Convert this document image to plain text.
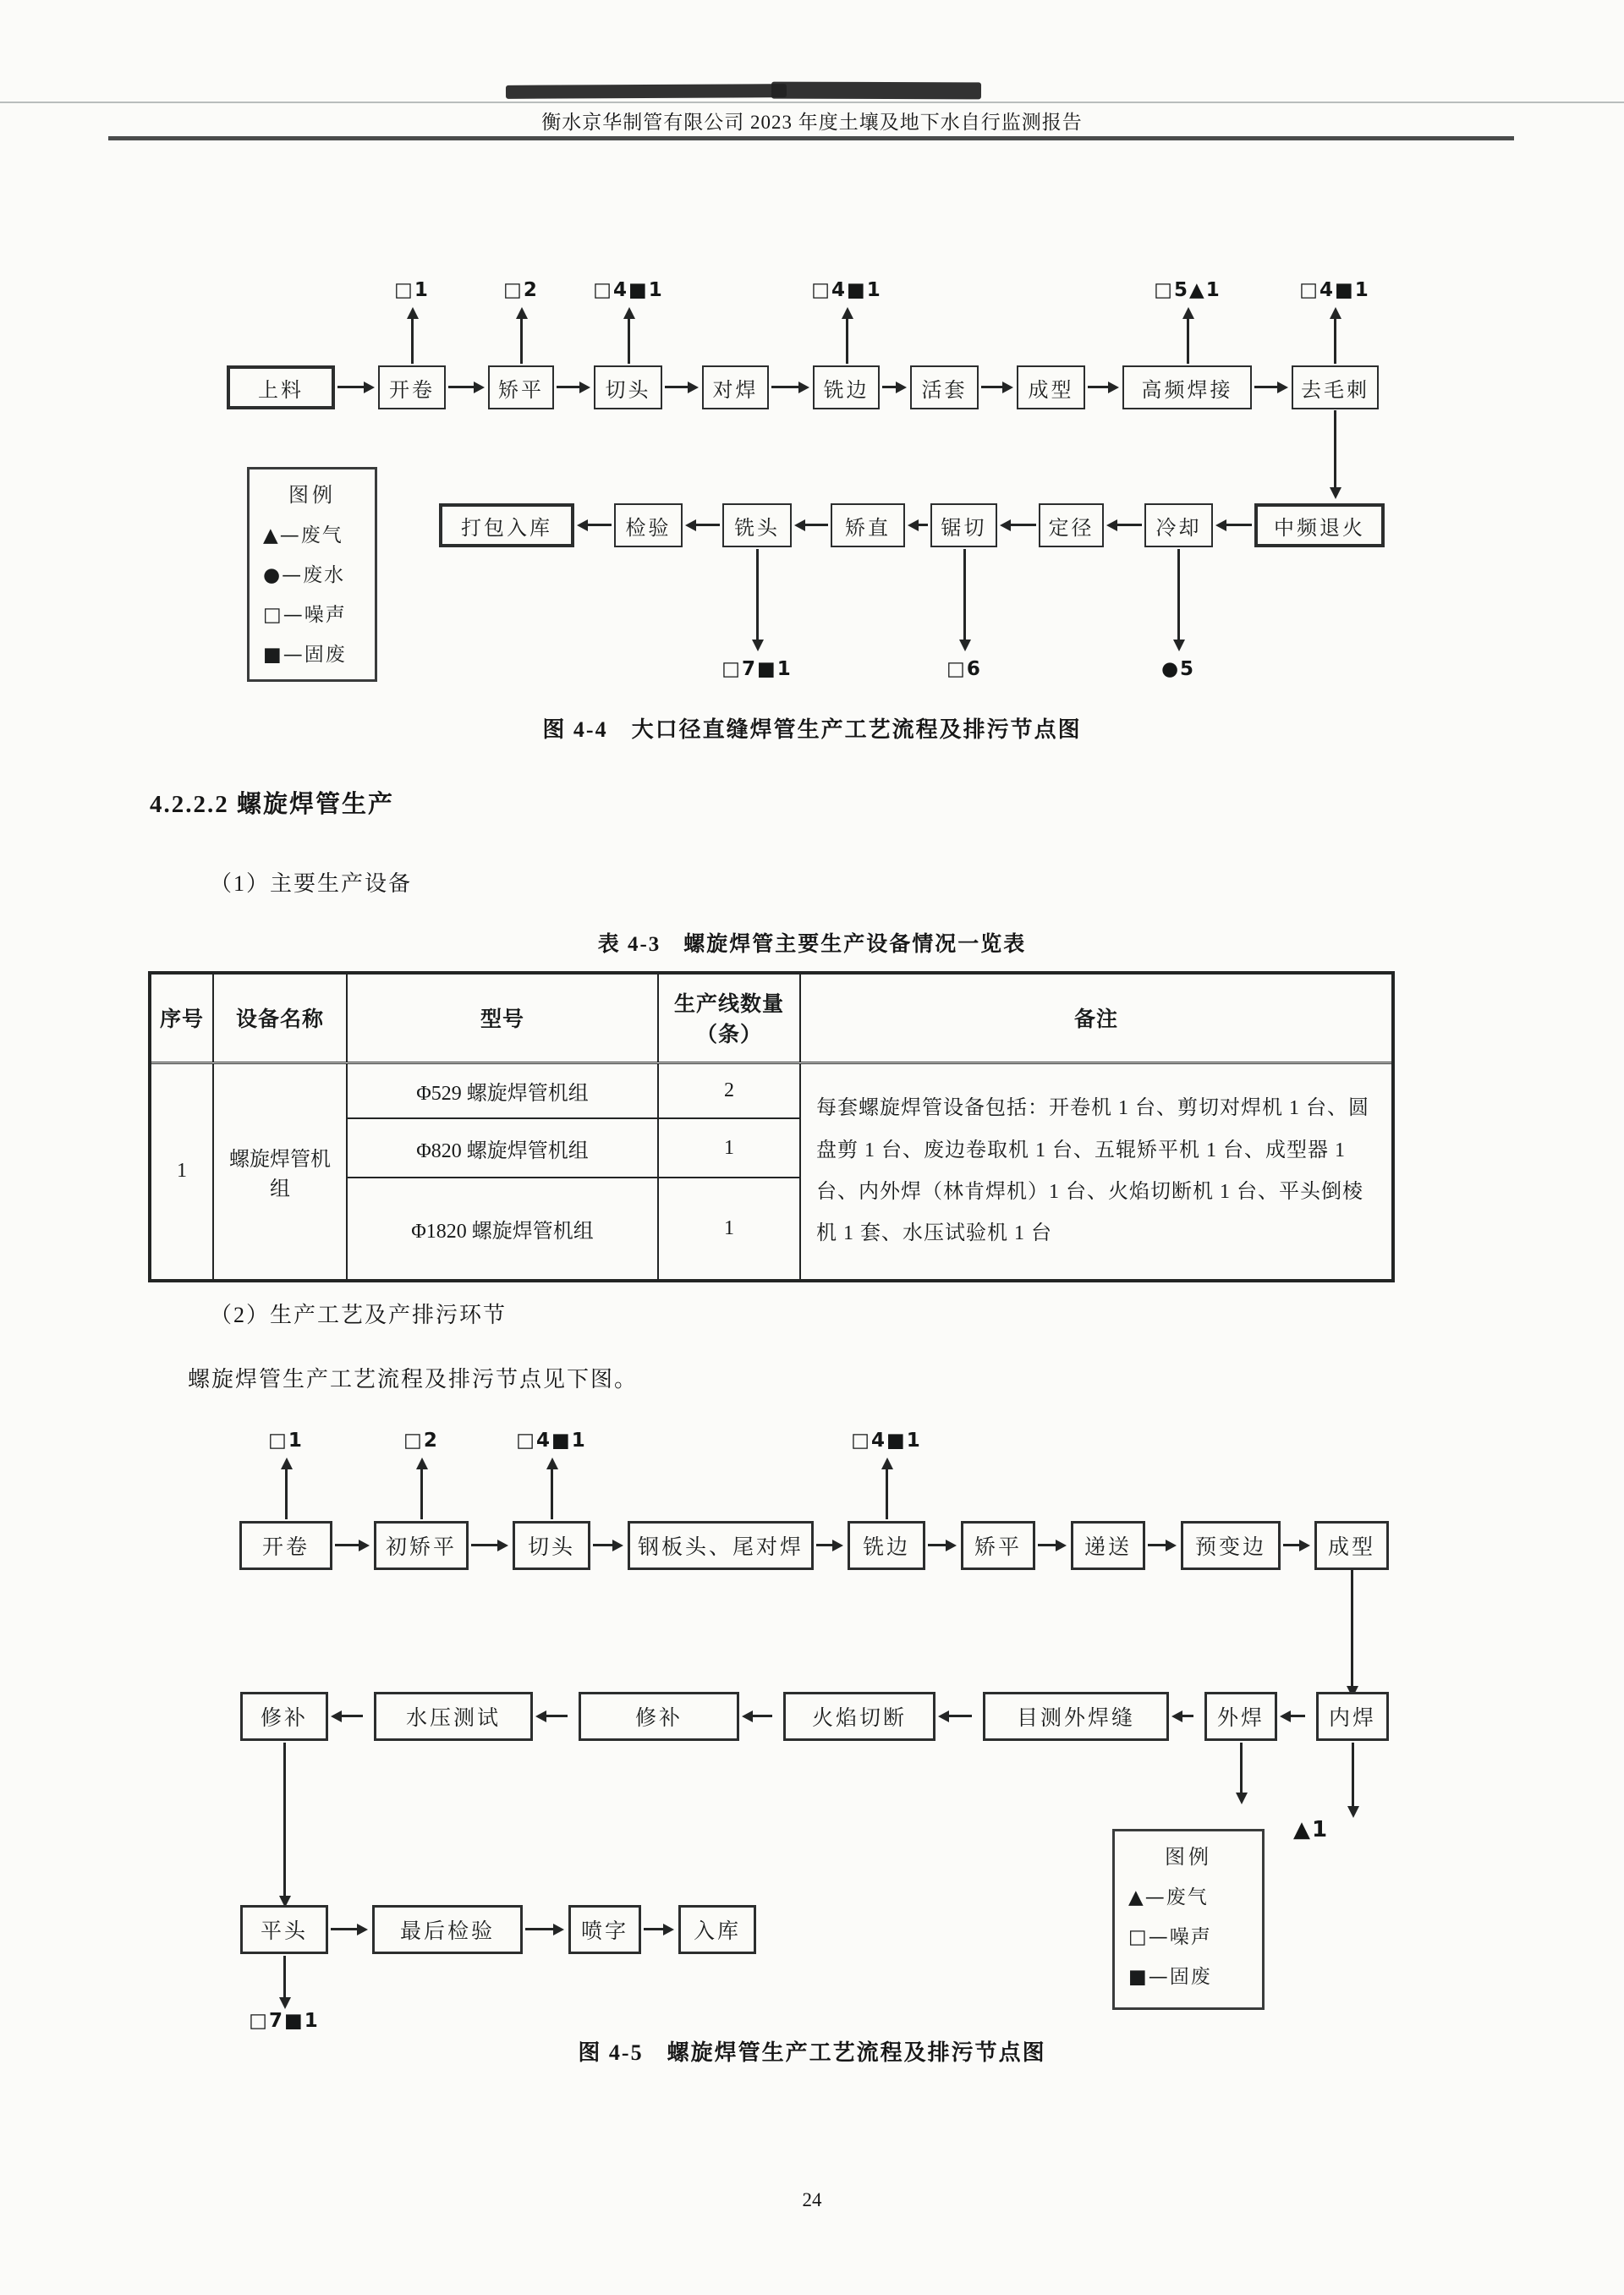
衡水京华制管有限公司 2023 年度土壤及地下水自行监测报告
□1	□2	□4■1	□4■1	□5▲1	□4■1
上料	开卷	矫平	切头	对焊	铣边	活套	成型	高频焊接	去毛刺
打包入库	检验	铣头	矫直	锯切	定径	冷却	中频退火
□7■1	□6	●5
图例
▲—废气
●—废水
□—噪声
■—固废
图 4-4　大口径直缝焊管生产工艺流程及排污节点图
4.2.2.2 螺旋焊管生产
（1）主要生产设备
表 4-3　螺旋焊管主要生产设备情况一览表
序号	设备名称	型号	生产线数量（条）	备注
1	螺旋焊管机组	Φ529 螺旋焊管机组	2	每套螺旋焊管设备包括：开卷机 1 台、剪切对焊机 1 台、圆盘剪 1 台、废边卷取机 1 台、五辊矫平机 1 台、成型器 1 台、内外焊（林肯焊机）1 台、火焰切断机 1 台、平头倒棱机 1 套、水压试验机 1 台
		Φ820 螺旋焊管机组	1	
		Φ1820 螺旋焊管机组	1	
（2）生产工艺及产排污环节
螺旋焊管生产工艺流程及排污节点见下图。
□1	□2	□4■1	□4■1
开卷	初矫平	切头	钢板头、尾对焊	铣边	矫平	递送	预变边	成型
修补	水压测试	修补	火焰切断	目测外焊缝	外焊	内焊
▲1
平头	最后检验	喷字	入库
□7■1
图例
▲—废气
□—噪声
■—固废
图 4-5　螺旋焊管生产工艺流程及排污节点图
24
